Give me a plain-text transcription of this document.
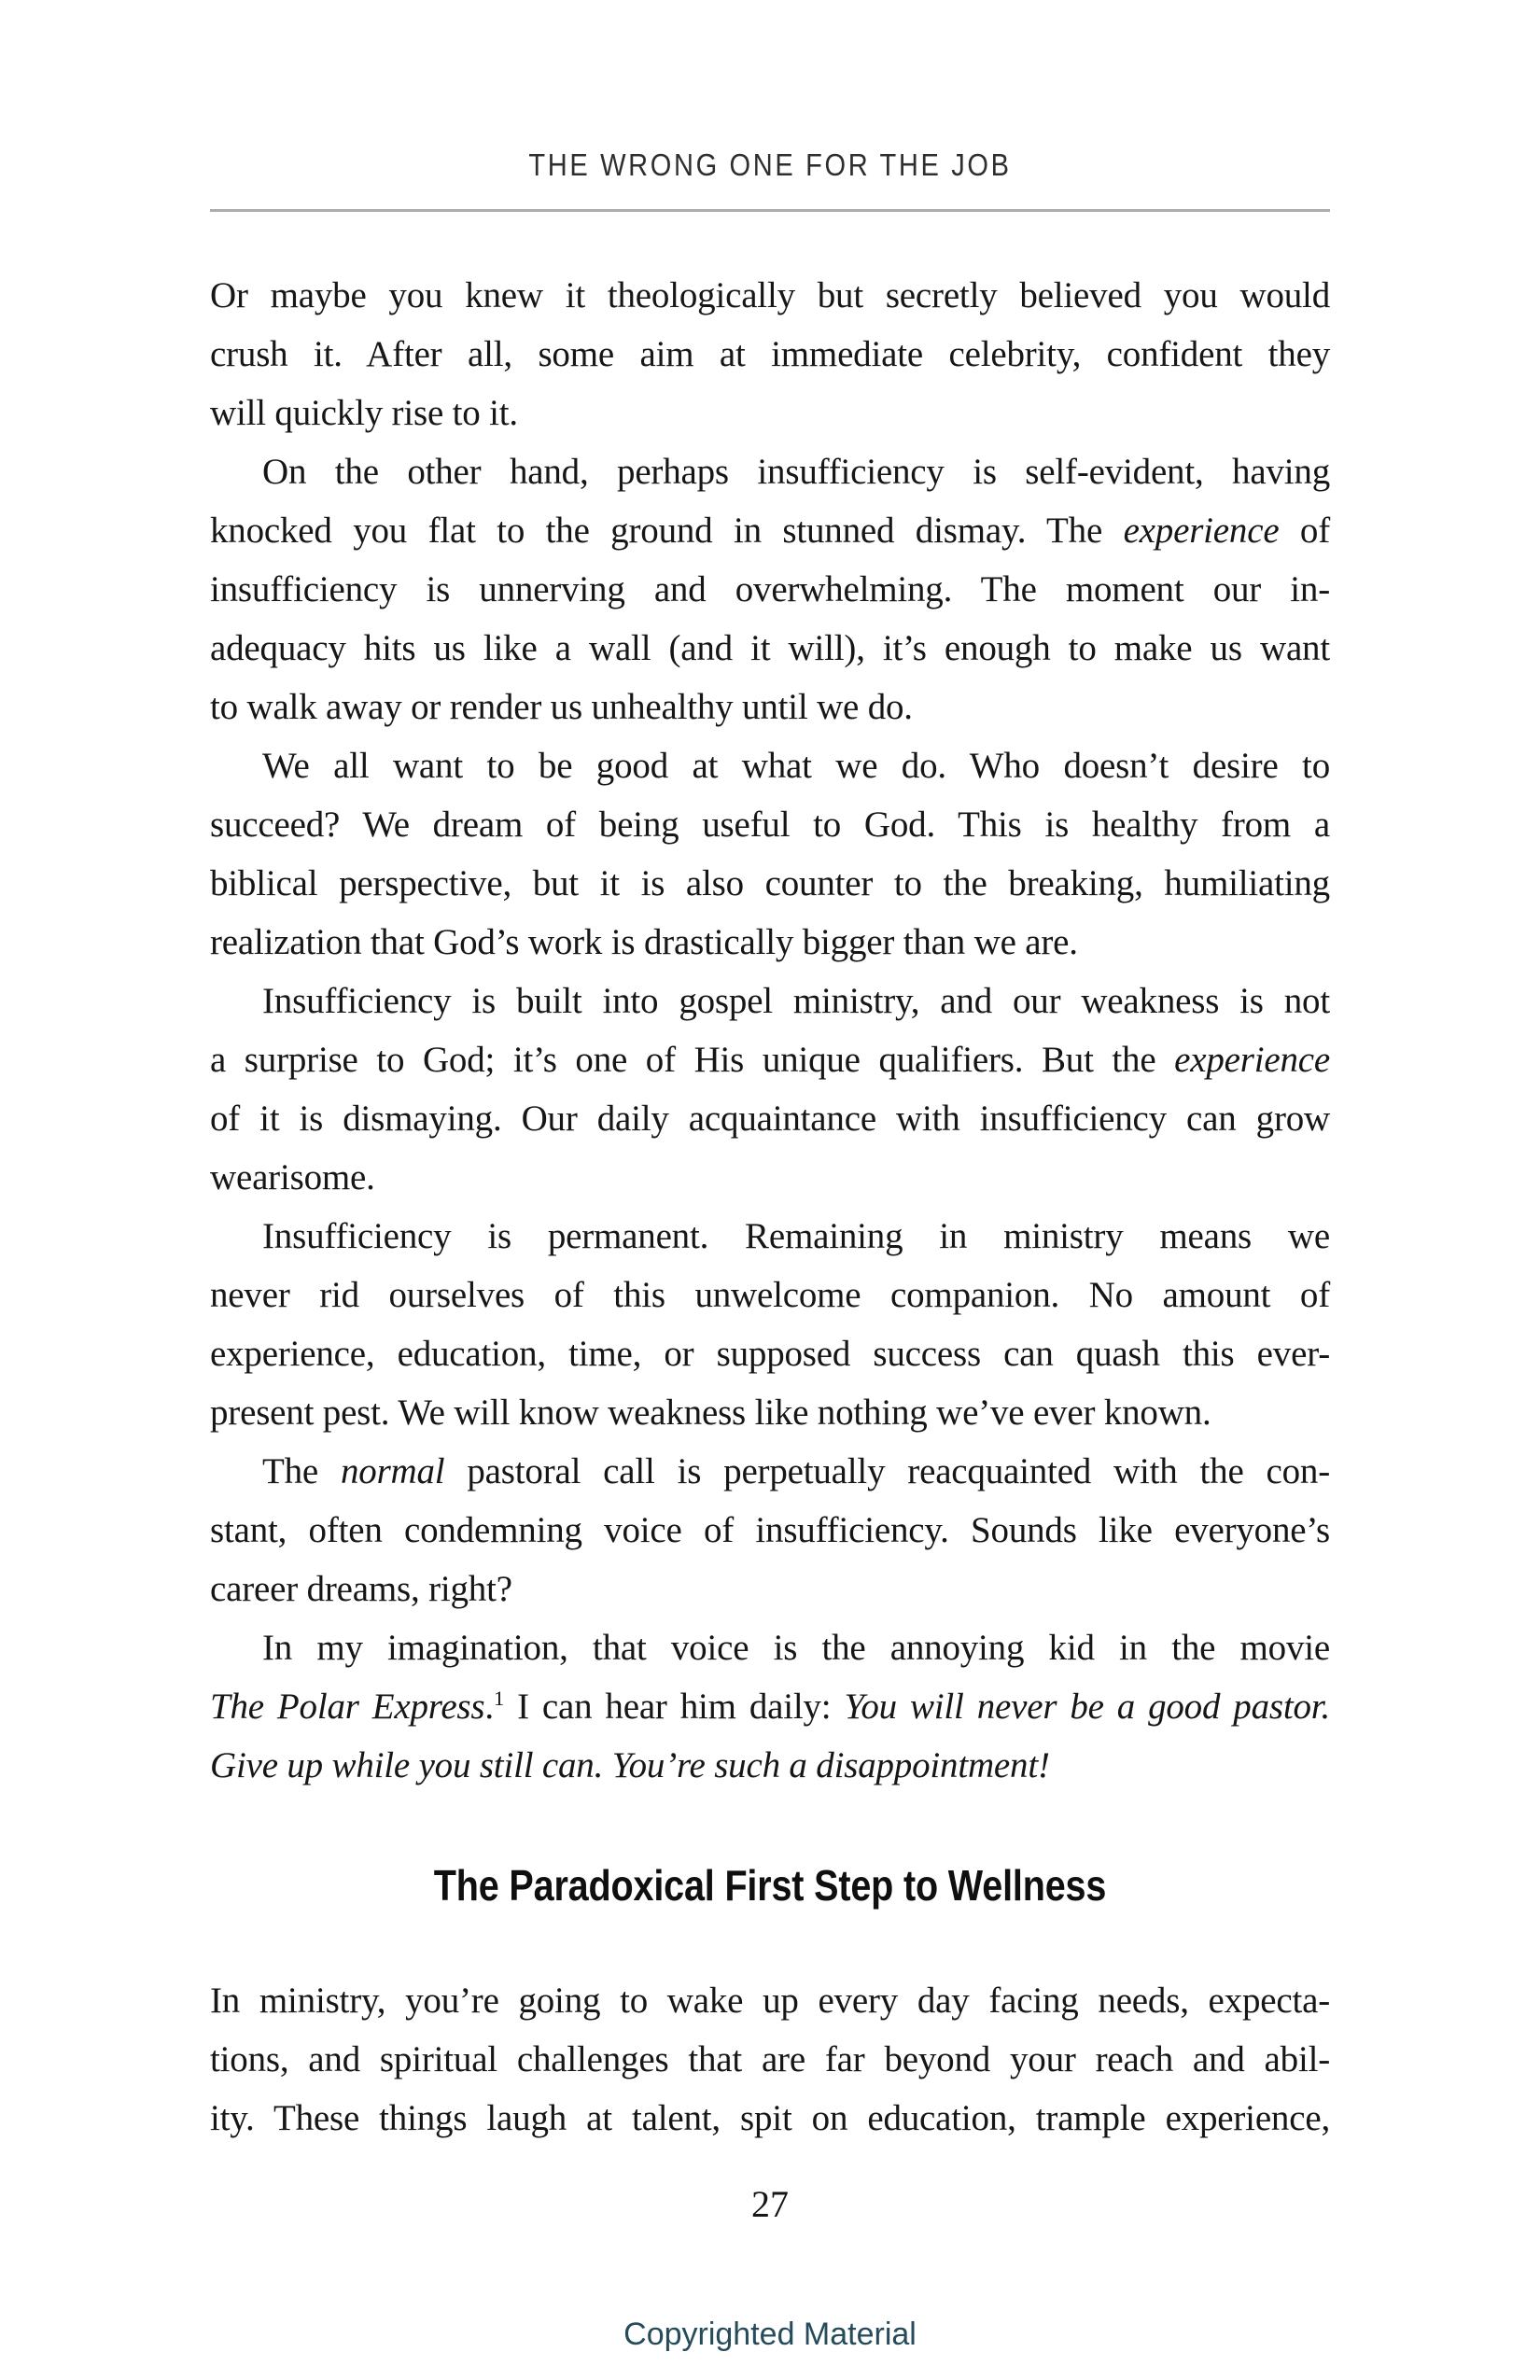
THE WRONG ONE FOR THE JOB
Or maybe you knew it theologically but secretly believed you would
crush it. After all, some aim at immediate celebrity, confident they
will quickly rise to it.
On the other hand, perhaps insufficiency is self-evident, having
knocked you flat to the ground in stunned dismay. The experience of
insufficiency is unnerving and overwhelming. The moment our in-
adequacy hits us like a wall (and it will), it’s enough to make us want
to walk away or render us unhealthy until we do.
We all want to be good at what we do. Who doesn’t desire to
succeed? We dream of being useful to God. This is healthy from a
biblical perspective, but it is also counter to the breaking, humiliating
realization that God’s work is drastically bigger than we are.
Insufficiency is built into gospel ministry, and our weakness is not
a surprise to God; it’s one of His unique qualifiers. But the experience
of it is dismaying. Our daily acquaintance with insufficiency can grow
wearisome.
Insufficiency is permanent. Remaining in ministry means we
never rid ourselves of this unwelcome companion. No amount of
experience, education, time, or supposed success can quash this ever-
present pest. We will know weakness like nothing we’ve ever known.
The normal pastoral call is perpetually reacquainted with the con-
stant, often condemning voice of insufficiency. Sounds like everyone’s
career dreams, right?
In my imagination, that voice is the annoying kid in the movie
The Polar Express.$^1$ I can hear him daily: You will never be a good pastor.
Give up while you still can. You’re such a disappointment!
The Paradoxical First Step to Wellness
In ministry, you’re going to wake up every day facing needs, expecta-
tions, and spiritual challenges that are far beyond your reach and abil-
ity. These things laugh at talent, spit on education, trample experience,
27
Copyrighted Material
